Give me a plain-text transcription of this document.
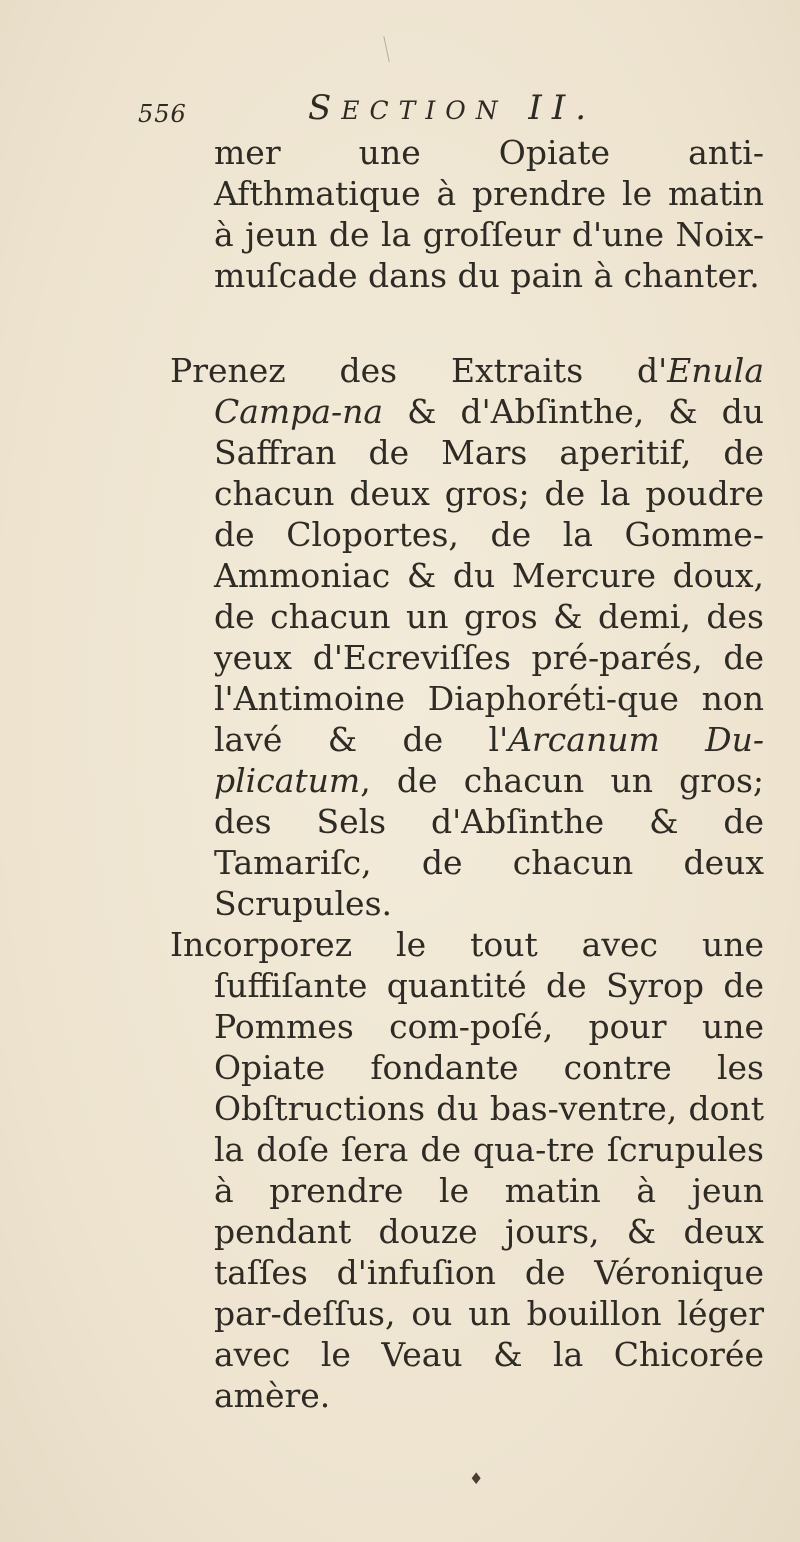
556	SECTION II.

mer une Opiate anti-Afthmatique à prendre le matin à jeun de la groſſeur d'une Noix-muſcade dans du pain à chanter.

Prenez des Extraits d'Enula Campa-na & d'Abſinthe, & du Saffran de Mars aperitif, de chacun deux gros; de la poudre de Cloportes, de la Gomme-Ammoniac & du Mercure doux, de chacun un gros & demi, des yeux d'Ecreviſſes pré-parés, de l'Antimoine Diaphoréti-que non lavé & de l'Arcanum Du-plicatum, de chacun un gros; des Sels d'Abſinthe & de Tamariſc, de chacun deux Scrupules.

Incorporez le tout avec une ſuffiſante quantité de Syrop de Pommes com-poſé, pour une Opiate fondante contre les Obſtructions du bas-ventre, dont la doſe ſera de qua-tre ſcrupules à prendre le matin à jeun pendant douze jours, & deux taſſes d'infuſion de Véronique par-deſſus, ou un bouillon léger avec le Veau & la Chicorée amère.

♦
